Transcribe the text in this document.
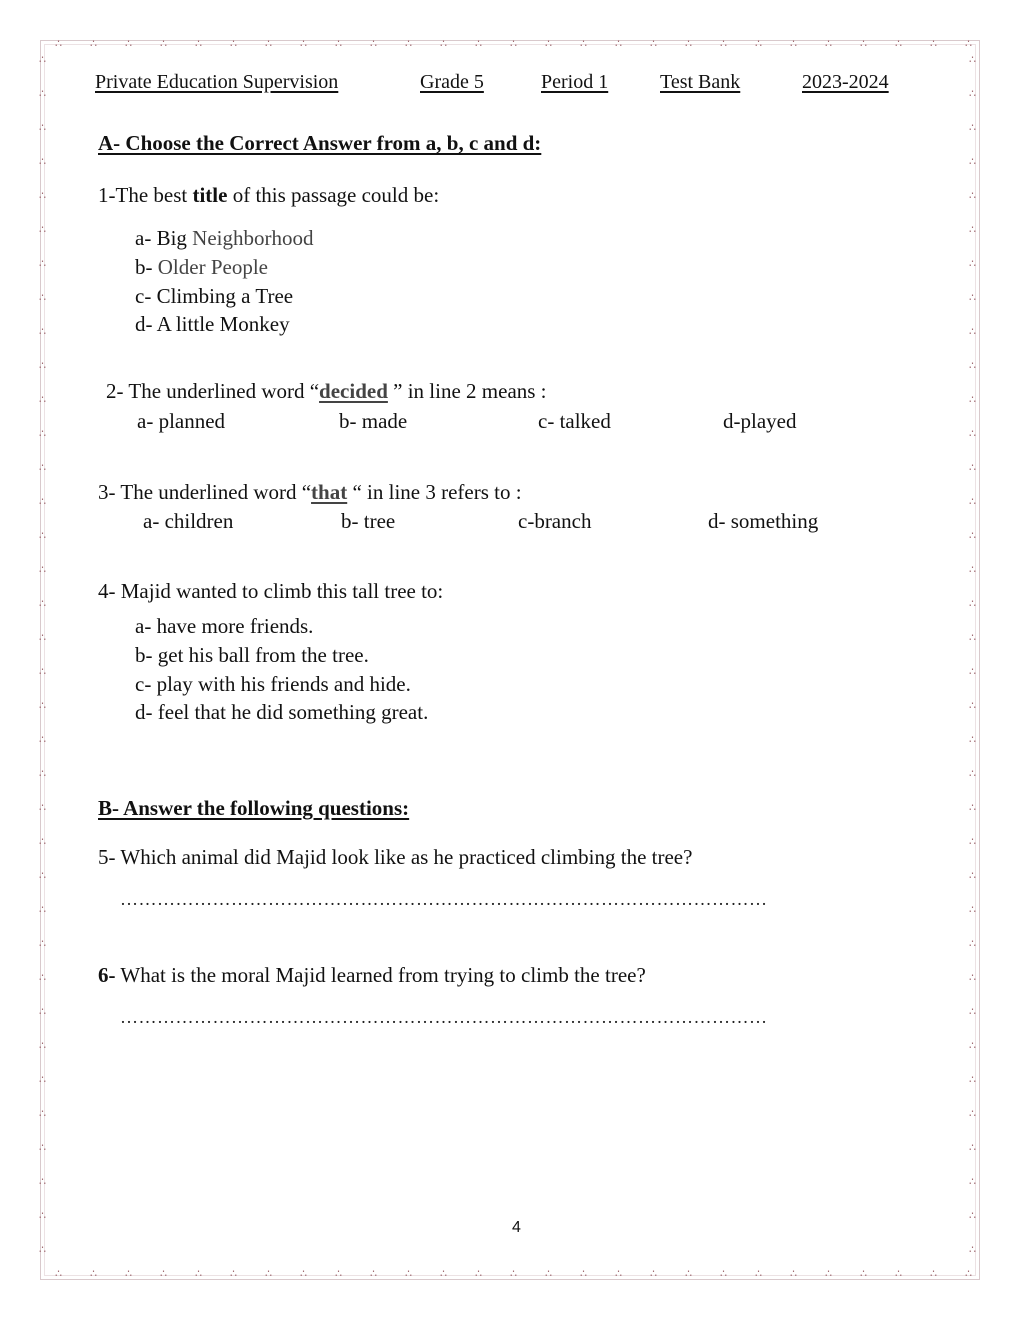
∴
∴
∴
∴
∴
∴
∴
∴
∴
∴
∴
∴
∴
∴
∴
∴
∴
∴
∴
∴
∴
∴
∴
∴
∴
∴
∴
∴
∴
∴
∴
∴
∴
∴
∴
∴
∴
∴
∴
∴
∴
∴
∴
∴
∴
∴
∴
∴
∴
∴
∴
∴
∴
∴
∴	∴
∴	∴
∴	∴
∴	∴
∴	∴
∴	∴
∴	∴
∴	∴
∴	∴
∴	∴
∴	∴
∴	∴
∴	∴
∴	∴
∴	∴
∴	∴
∴	∴
∴	∴
∴	∴
∴	∴
∴	∴
∴	∴
∴	∴
∴	∴
∴	∴
∴	∴
∴	∴
∴	∴
∴	∴
∴	∴
∴	∴
∴	∴
∴	∴
∴	∴
∴	∴
∴	∴
Private Education Supervision	Grade 5	Period 1	Test Bank	2023-2024
A- Choose the Correct Answer from a, b, c and d:
1-The best title of this passage could be:
a- Big Neighborhood
b- Older People
c- Climbing a Tree
d- A little Monkey
2- The underlined word “decided ” in line 2 means :
a- planned	b- made	c- talked	d-played
3- The underlined word “that “ in line 3 refers to :
a- children	b- tree	c-branch	d- something
4- Majid wanted to climb this tall tree to:
a- have more friends.
b- get his ball from the tree.
c- play with his friends and hide.
d- feel that he did something great.
B- Answer the following questions:
5- Which animal did Majid look like as he practiced climbing the tree?
……………………………………………………………………………………………
6- What is the moral Majid learned from trying to climb the tree?
……………………………………………………………………………………………
4
